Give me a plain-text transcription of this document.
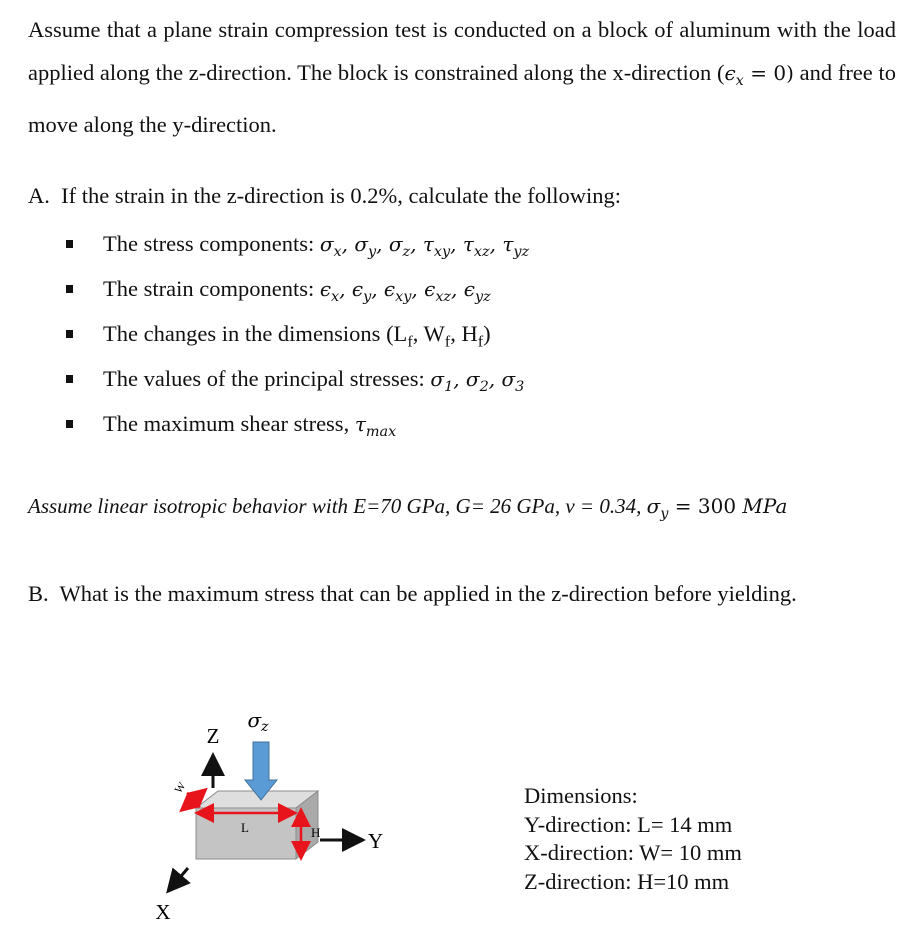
Assume that a plane strain compression test is conducted on a block of aluminum with the load applied along the z-direction. The block is constrained along the x-direction $(\epsilon_x = 0)$ and free to move along the y-direction.

A. If the strain in the z-direction is 0.2%, calculate the following:
The stress components: $\sigma_x$, $\sigma_y$, $\sigma_z$, $\tau_{xy}$, $\tau_{xz}$, $\tau_{yz}$
The strain components: $\epsilon_x$, $\epsilon_y$, $\epsilon_{xy}$, $\epsilon_{xz}$, $\epsilon_{yz}$
The changes in the dimensions ($L_f$, $W_f$, $H_f$)
The values of the principal stresses: $\sigma_1$, $\sigma_2$, $\sigma_3$
The maximum shear stress, $\tau_{max}$
Assume linear isotropic behavior with E=70 GPa, G= 26 GPa, ν = 0.34, $\sigma_y = 300$ MPa
B. What is the maximum stress that can be applied in the z-direction before yielding.
$\sigma_z$
Z
W
L	H Y
X
Dimensions:
Y-direction: L= 14 mm
X-direction: W= 10 mm
Z-direction: H=10 mm
